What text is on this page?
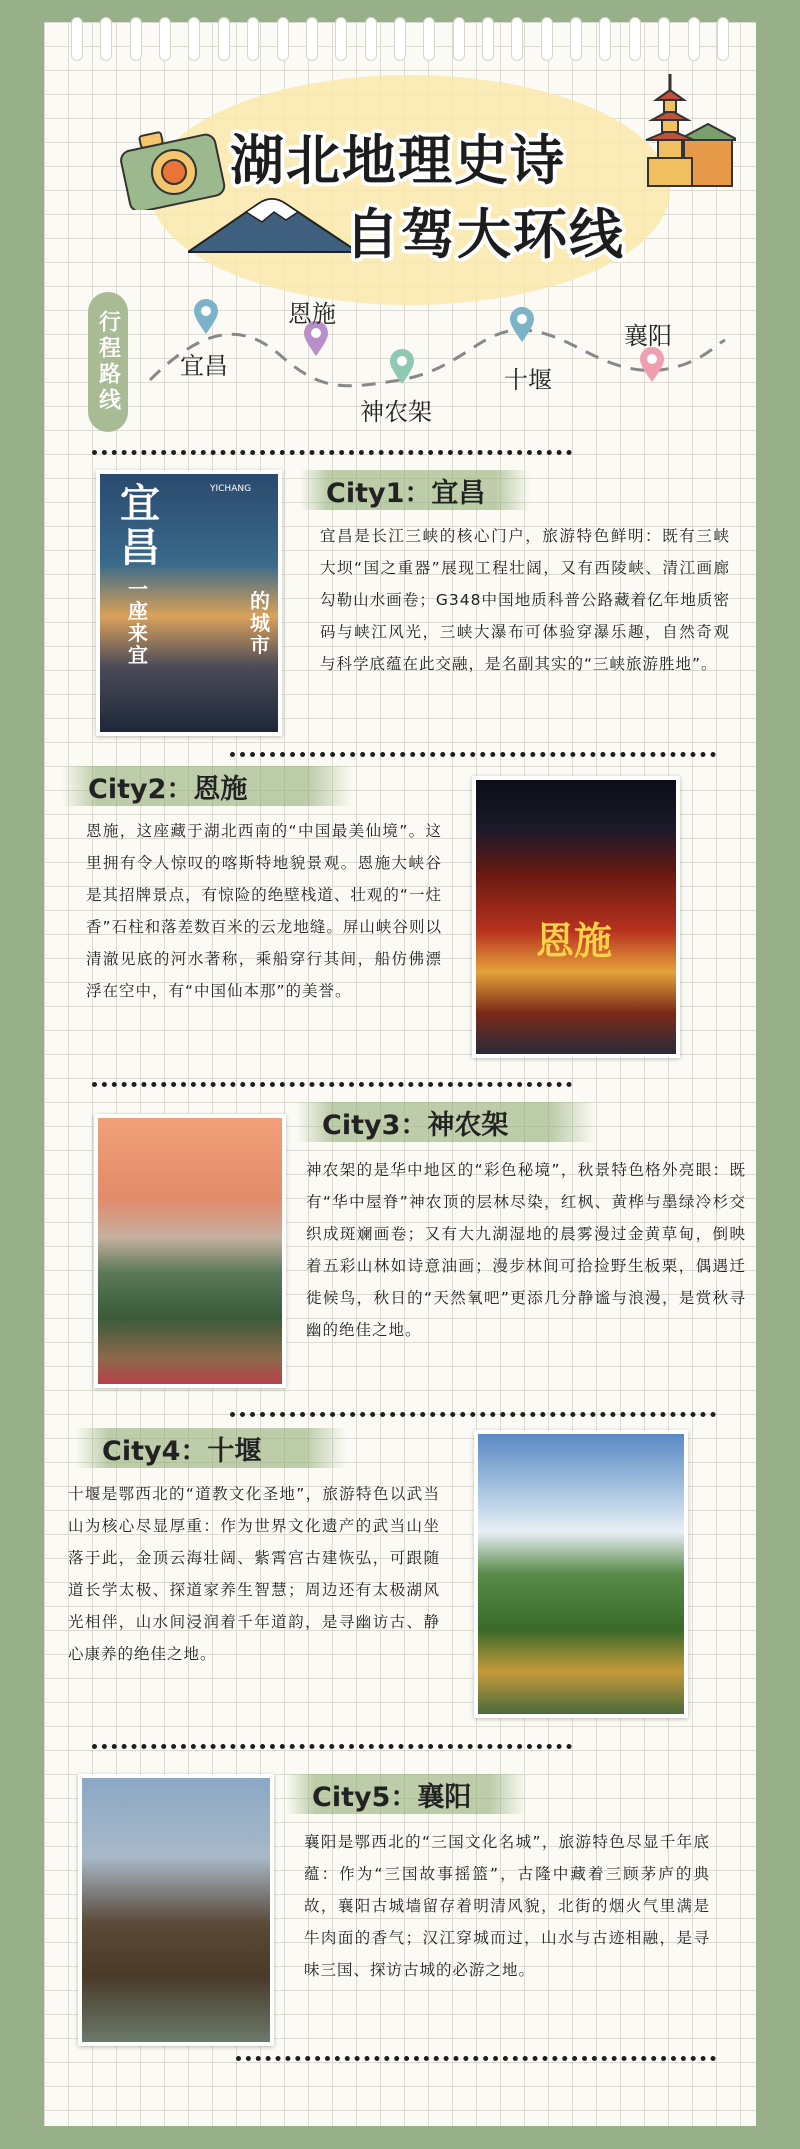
湖北地理史诗
自驾大环线
行程路线	宜昌
恩施
神农架
十堰
襄阳
宜昌
YICHANG
一座来宜
的城市
City1：宜昌
宜昌是长江三峡的核心门户，旅游特色鲜明：既有三峡大坝“国之重器”展现工程壮阔，又有西陵峡、清江画廊勾勒山水画卷；G348中国地质科普公路藏着亿年地质密码与峡江风光，三峡大瀑布可体验穿瀑乐趣，自然奇观与科学底蕴在此交融，是名副其实的“三峡旅游胜地”。
City2：恩施
恩施，这座藏于湖北西南的“中国最美仙境”。这里拥有令人惊叹的喀斯特地貌景观。恩施大峡谷是其招牌景点，有惊险的绝壁栈道、壮观的“一炷香”石柱和落差数百米的云龙地缝。屏山峡谷则以清澈见底的河水著称，乘船穿行其间，船仿佛漂浮在空中，有“中国仙本那”的美誉。
恩施
City3：神农架
神农架的是华中地区的“彩色秘境”，秋景特色格外亮眼：既有“华中屋脊”神农顶的层林尽染，红枫、黄桦与墨绿冷杉交织成斑斓画卷；又有大九湖湿地的晨雾漫过金黄草甸，倒映着五彩山林如诗意油画；漫步林间可拾捡野生板栗，偶遇迁徙候鸟，秋日的“天然氧吧”更添几分静谧与浪漫，是赏秋寻幽的绝佳之地。
City4：十堰
十堰是鄂西北的“道教文化圣地”，旅游特色以武当山为核心尽显厚重：作为世界文化遗产的武当山坐落于此，金顶云海壮阔、紫霄宫古建恢弘，可跟随道长学太极、探道家养生智慧；周边还有太极湖风光相伴，山水间浸润着千年道韵，是寻幽访古、静心康养的绝佳之地。
City5：襄阳
襄阳是鄂西北的“三国文化名城”，旅游特色尽显千年底蕴：作为“三国故事摇篮”，古隆中藏着三顾茅庐的典故，襄阳古城墙留存着明清风貌，北街的烟火气里满是牛肉面的香气；汉江穿城而过，山水与古迹相融，是寻味三国、探访古城的必游之地。
